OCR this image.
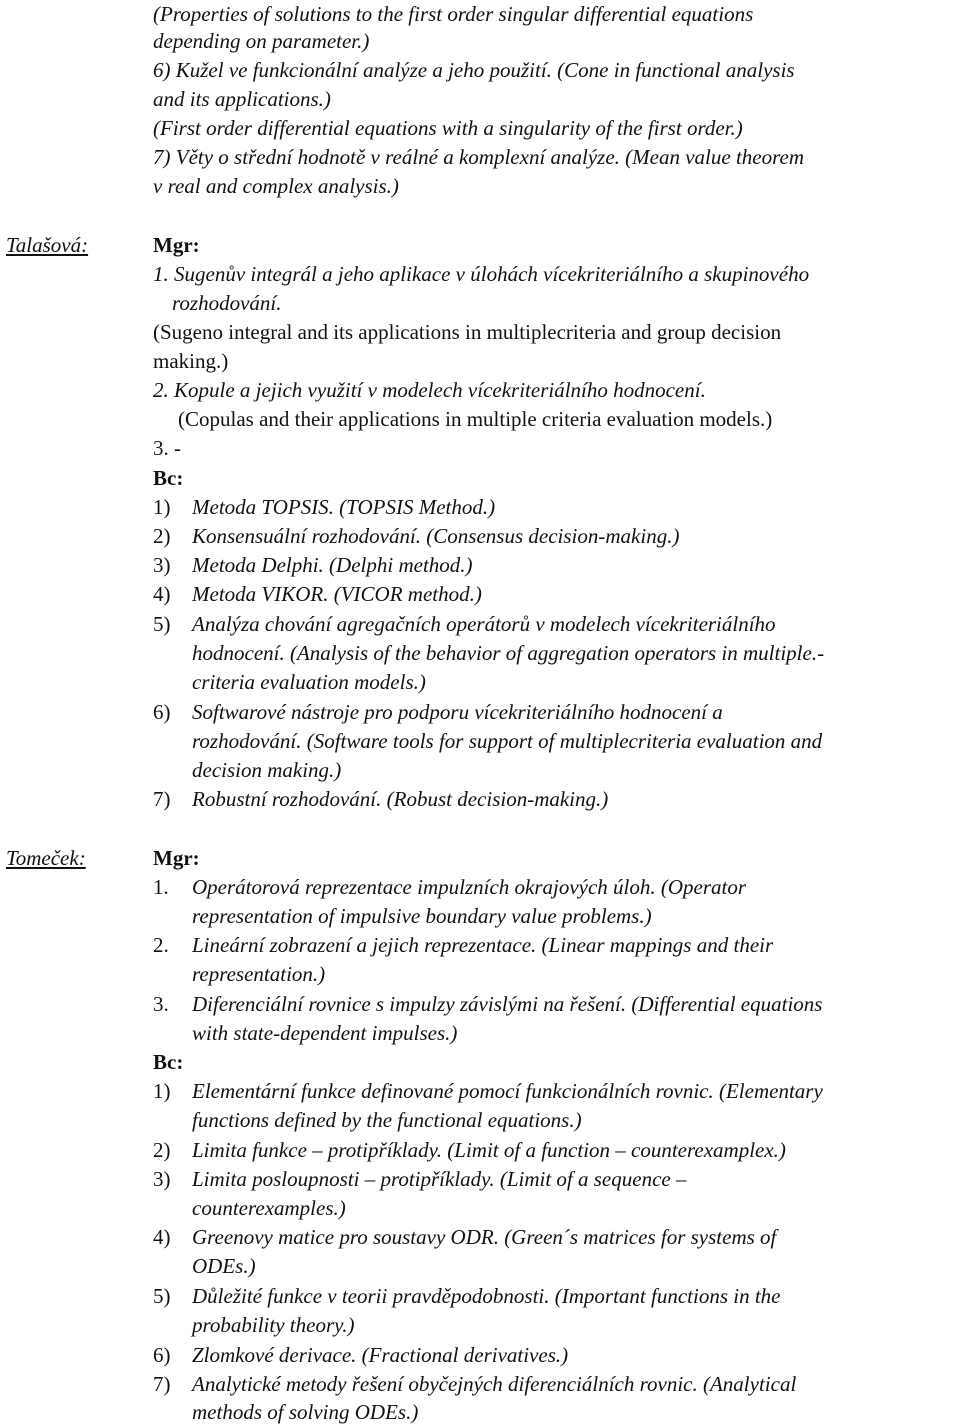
(Properties of solutions to the first order singular differential equations
depending on parameter.)
6) Kužel ve funkcionální analýze a jeho použití. (Cone in functional analysis
and its applications.)
(First order differential equations with a singularity of the first order.)
7) Věty o střední hodnotě v reálné a komplexní analýze. (Mean value theorem
v real and complex analysis.)
Talašová:	Mgr:
1. Sugenův integrál a jeho aplikace v úlohách vícekriteriálního a skupinového
rozhodování.
(Sugeno integral and its applications in multiplecriteria and group decision
making.)
2. Kopule a jejich využití v modelech vícekriteriálního hodnocení.
(Copulas and their applications in multiple criteria evaluation models.)
3. -
Bc:
1) Metoda TOPSIS. (TOPSIS Method.)
2) Konsensuální rozhodování. (Consensus decision-making.)
3) Metoda Delphi. (Delphi method.)
4) Metoda VIKOR. (VICOR method.)
5) Analýza chování agregačních operátorů v modelech vícekriteriálního
hodnocení. (Analysis of the behavior of aggregation operators in multiple.-
criteria evaluation models.)
6) Softwarové nástroje pro podporu vícekriteriálního hodnocení a
rozhodování. (Software tools for support of multiplecriteria evaluation and
decision making.)
7) Robustní rozhodování. (Robust decision-making.)
Tomeček:	Mgr:
1. Operátorová reprezentace impulzních okrajových úloh. (Operator
representation of impulsive boundary value problems.)
2. Lineární zobrazení a jejich reprezentace. (Linear mappings and their
representation.)
3. Diferenciální rovnice s impulzy závislými na řešení. (Differential equations
with state-dependent impulses.)
Bc:
1) Elementární funkce definované pomocí funkcionálních rovnic. (Elementary
functions defined by the functional equations.)
2) Limita funkce – protipříklady. (Limit of a function – counterexamplex.)
3) Limita posloupnosti – protipříklady. (Limit of a sequence –
counterexamples.)
4) Greenovy matice pro soustavy ODR. (Green´s matrices for systems of
ODEs.)
5) Důležité funkce v teorii pravděpodobnosti. (Important functions in the
probability theory.)
6) Zlomkové derivace. (Fractional derivatives.)
7) Analytické metody řešení obyčejných diferenciálních rovnic. (Analytical
methods of solving ODEs.)
